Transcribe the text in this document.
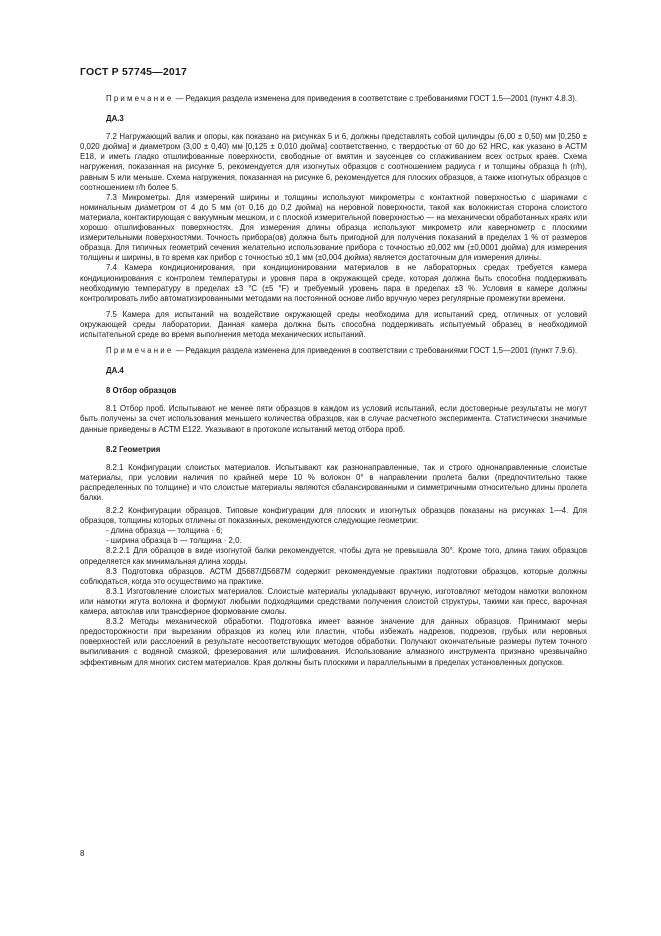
ГОСТ Р 57745—2017

Примечание — Редакция раздела изменена для приведения в соответствие с требованиями ГОСТ 1.5—2001 (пункт 4.8.3).

ДА.3

7.2 Нагружающий валик и опоры, как показано на рисунках 5 и 6, должны представлять собой цилиндры (6,00 ± 0,50) мм [0,250 ± 0,020 дюйма] и диаметром (3,00 ± 0,40) мм [0,125 ± 0,010 дюйма] соответственно, с твердостью от 60 до 62 HRC, как указано в АСТМ Е18, и иметь гладко отшлифованные поверхности, свободные от вмятин и заусенцев со сглаживанием всех острых краев. Схема нагружения, показанная на рисунке 5, рекомендуется для изогнутых образцов с соотношением радиуса r и толщины образца h (r/h), равным 5 или меньше. Схема нагружения, показанная на рисунке 6, рекомендуется для плоских образцов, а также изогнутых образцов с соотношением r/h более 5.

7.3 Микрометры. Для измерений ширины и толщины используют микрометры с контактной поверхностью с шариками с номинальным диаметром от 4 до 5 мм (от 0,16 до 0,2 дюйма) на неровной поверхности, такой как волокнистая сторона слоистого материала, контактирующая с вакуумным мешком, и с плоской измерительной поверхностью — на механически обработанных краях или хорошо отшлифованных поверхностях. Для измерения длины образца используют микрометр или кавернометр с плоскими измерительными поверхностями. Точность прибора(ов) должна быть пригодной для получения показаний в пределах 1 % от размеров образца. Для типичных геометрий сечения желательно использование прибора с точностью ±0,002 мм (±0,0001 дюйма) для измерения толщины и ширины, в то время как прибор с точностью ±0,1 мм (±0,004 дюйма) является достаточным для измерения длины.

7.4 Камера кондиционирования, при кондиционировании материалов в не лабораторных средах требуется камера кондиционирования с контролем температуры и уровня пара в окружающей среде, которая должна быть способна поддерживать необходимую температуру в пределах ±3 °С (±5 °F) и требуемый уровень пара в пределах ±3 %. Условия в камере должны контролировать либо автоматизированными методами на постоянной основе либо вручную через регулярные промежутки времени.

7.5 Камера для испытаний на воздействие окружающей среды необходима для испытаний сред, отличных от условий окружающей среды лаборатории. Данная камера должна быть способна поддерживать испытуемый образец в необходимой испытательной среде во время выполнения метода механических испытаний.

Примечание — Редакция раздела изменена для приведения в соответствии с требованиями ГОСТ 1.5—2001 (пункт 7.9.6).

ДА.4
8 Отбор образцов

8.1 Отбор проб. Испытывают не менее пяти образцов в каждом из условий испытаний, если достоверные результаты не могут быть получены за счет использования меньшего количества образцов, как в случае расчетного эксперимента. Статистически значимые данные приведены в АСТМ Е122. Указывают в протоколе испытаний метод отбора проб.

8.2 Геометрия

8.2.1 Конфигурации слоистых материалов. Испытывают как разнонаправленные, так и строго однонаправленные слоистые материалы, при условии наличия по крайней мере 10 % волокон 0° в направлении пролета балки (предпочтительно также распределенных по толщине) и что слоистые материалы являются сбалансированными и симметричными относительно длины пролета балки.

8.2.2 Конфигурации образцов. Типовые конфигурации для плоских и изогнутых образцов показаны на рисунках 1—4. Для образцов, толщины которых отличны от показанных, рекомендуются следующие геометрии:

- длина образца — толщина · 6;

- ширина образца b — толщина · 2,0.

8.2.2.1 Для образцов в виде изогнутой балки рекомендуется, чтобы дуга не превышала 30°. Кроме того, длина таких образцов определяется как минимальная длина хорды.

8.3 Подготовка образцов. АСТМ Д5687/Д5687М содержит рекомендуемые практики подготовки образцов, которые должны соблюдаться, когда это осуществимо на практике.

8.3.1 Изготовление слоистых материалов. Слоистые материалы укладывают вручную, изготовляют методом намотки волокном или намотки жгута волокна и формуют любыми подходящими средствами получения слоистой структуры, такими как пресс, варочная камера, автоклав или трансферное формование смолы.

8.3.2 Методы механической обработки. Подготовка имеет важное значение для данных образцов. Принимают меры предосторожности при вырезании образцов из колец или пластин, чтобы избежать надрезов, подрезов, грубых или неровных поверхностей или расслоений в результате несоответствующих методов обработки. Получают окончательные размеры путем точного выпиливания с водяной смазкой, фрезерования или шлифования. Использование алмазного инструмента признано чрезвычайно эффективным для многих систем материалов. Края должны быть плоскими и параллельными в пределах установленных допусков.

8
